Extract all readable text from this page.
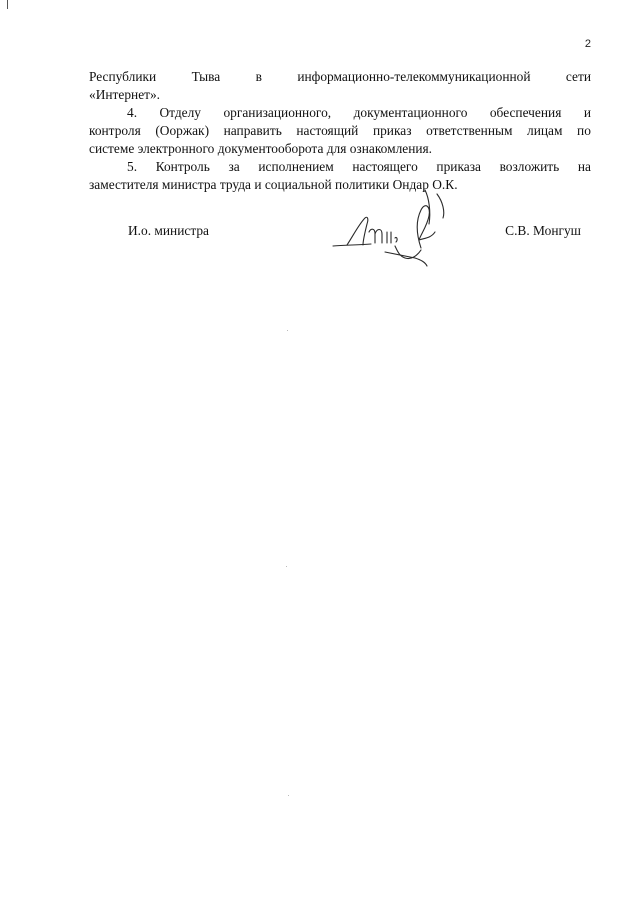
2
Республики	Тыва	в	информационно-телекоммуникационной	сети
«Интернет».
4. Отделу организационного, документационного обеспечения и
контроля (Ооржак) направить настоящий приказ ответственным лицам по
системе электронного документооборота для ознакомления.
5. Контроль за исполнением настоящего приказа возложить на
заместителя министра труда и социальной политики Ондар О.К.
И.о. министра	С.В. Монгуш
